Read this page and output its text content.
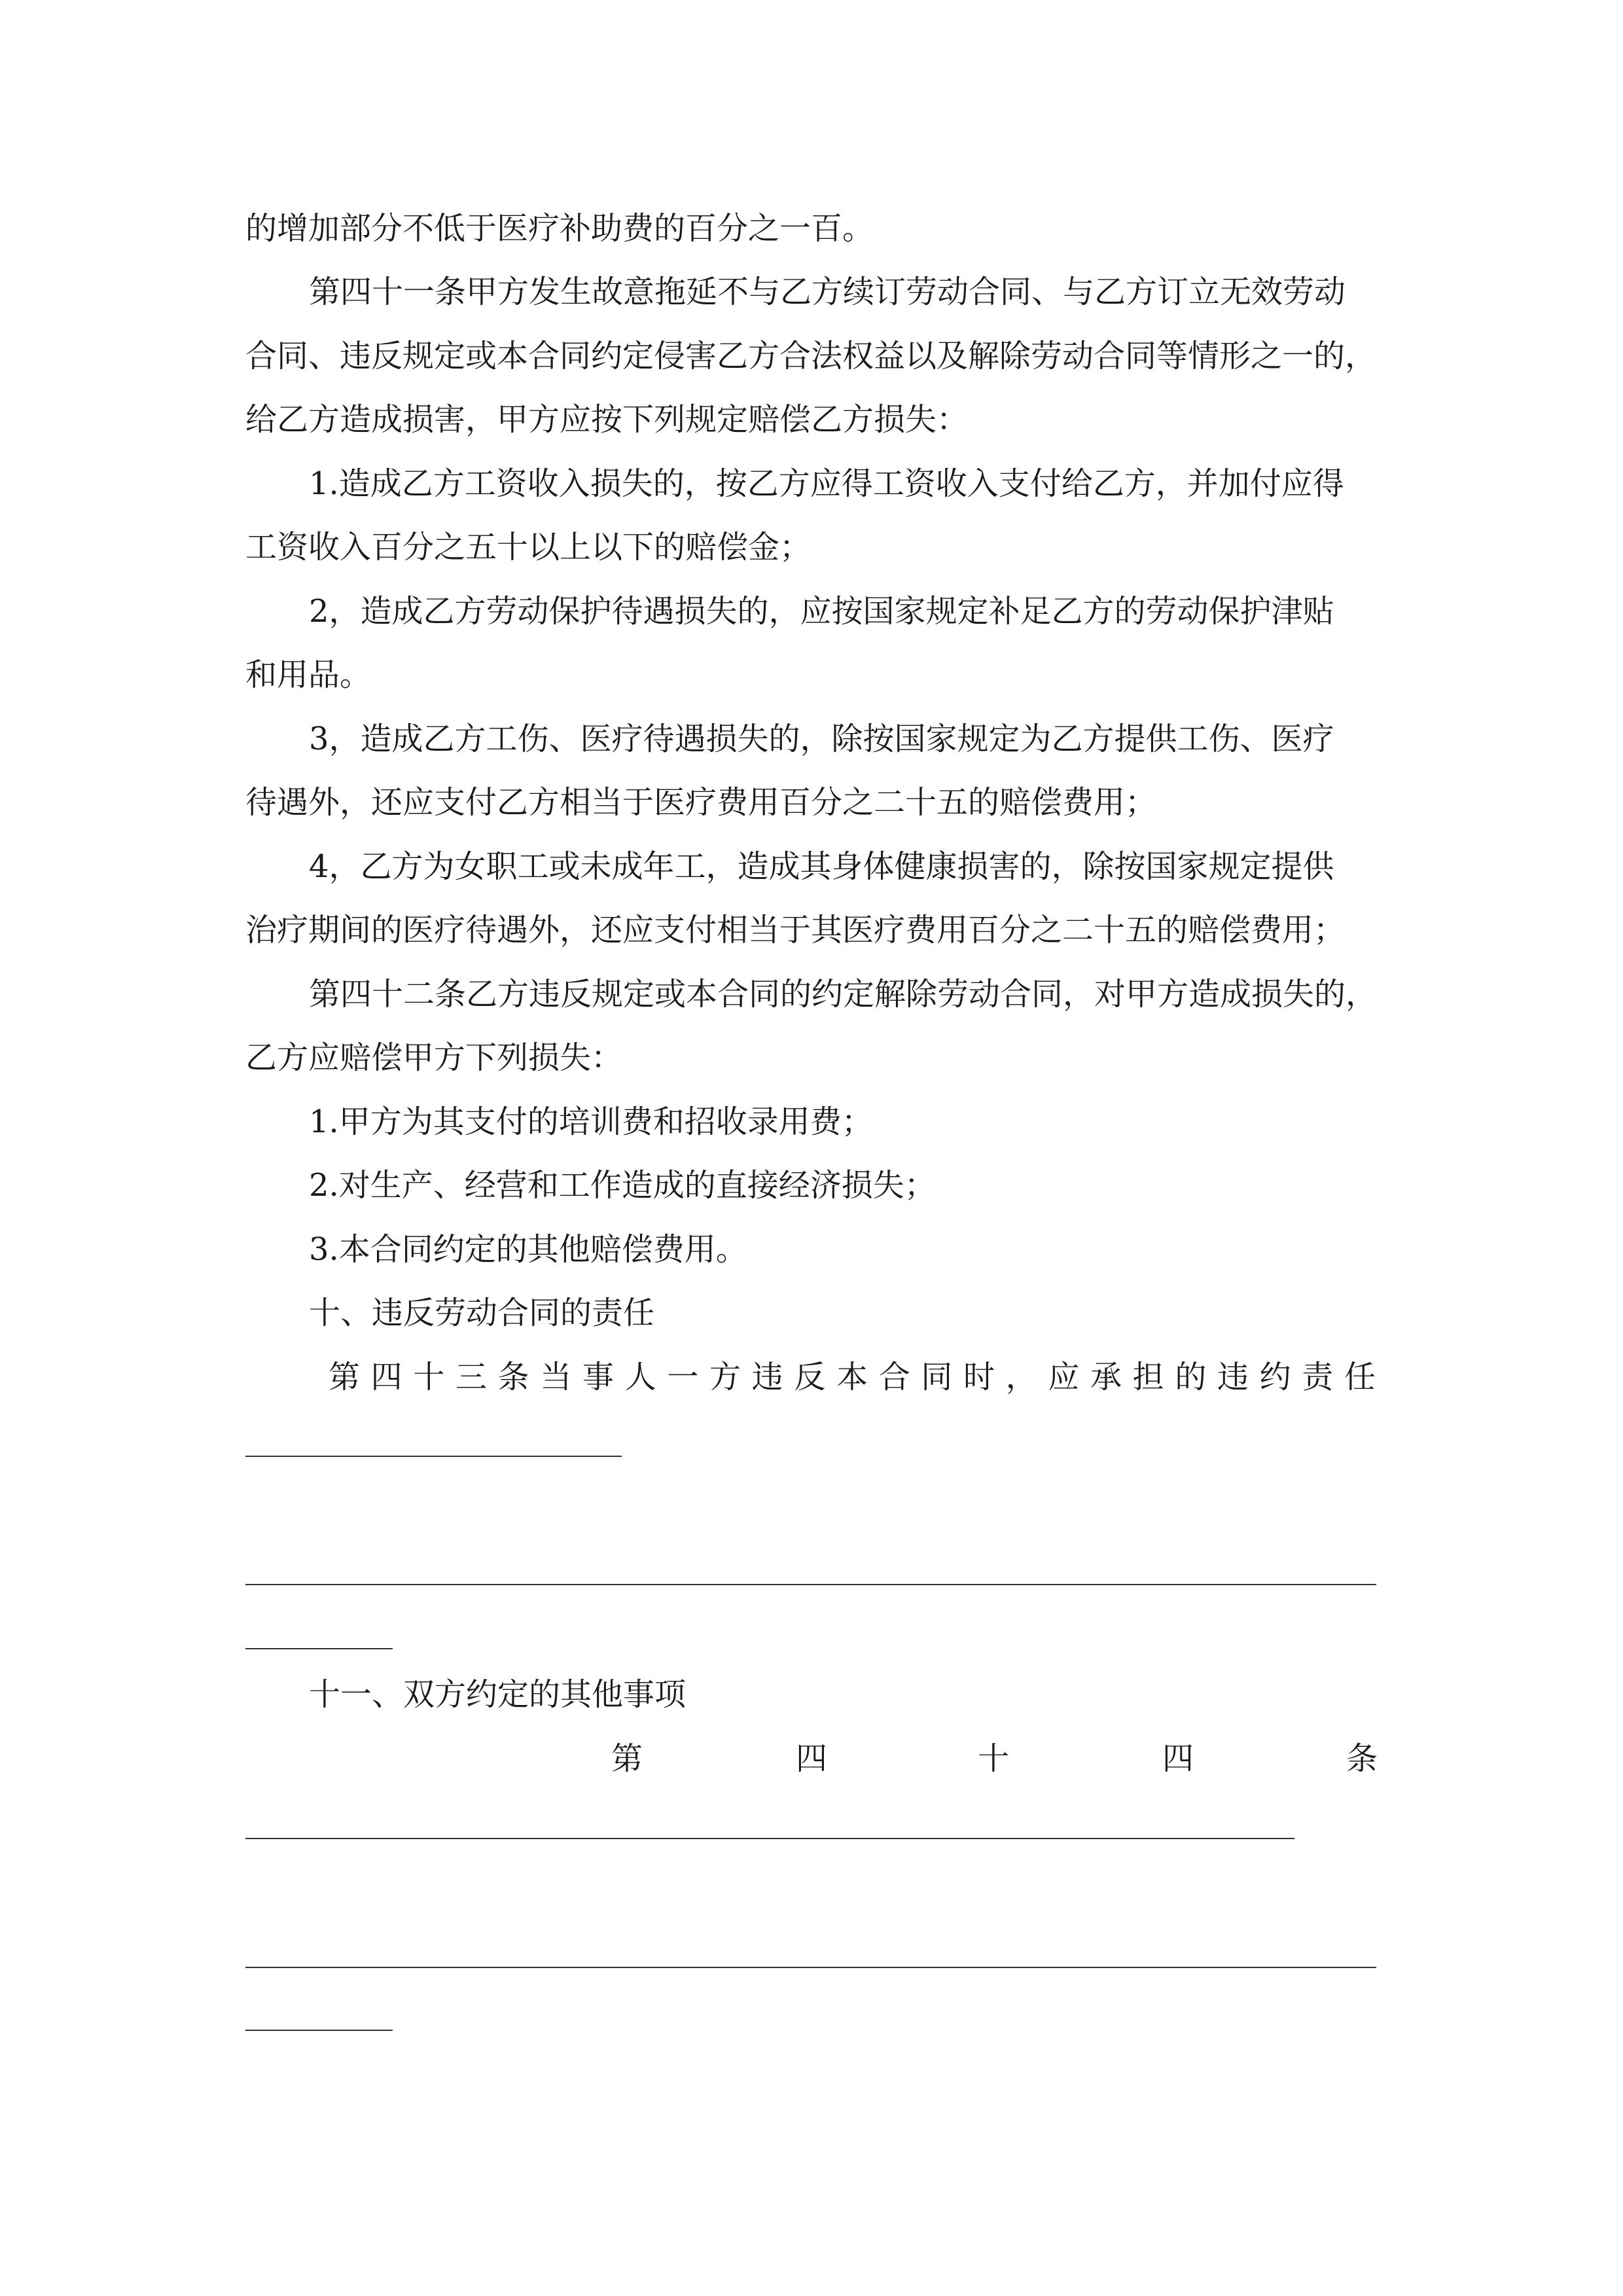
的增加部分不低于医疗补助费的百分之一百。
第四十一条甲方发生故意拖延不与乙方续订劳动合同、与乙方订立无效劳动
合同、违反规定或本合同约定侵害乙方合法权益以及解除劳动合同等情形之一的，
给乙方造成损害，甲方应按下列规定赔偿乙方损失：
1.造成乙方工资收入损失的，按乙方应得工资收入支付给乙方，并加付应得
工资收入百分之五十以上以下的赔偿金；
2，造成乙方劳动保护待遇损失的，应按国家规定补足乙方的劳动保护津贴
和用品。
3，造成乙方工伤、医疗待遇损失的，除按国家规定为乙方提供工伤、医疗
待遇外，还应支付乙方相当于医疗费用百分之二十五的赔偿费用；
4，乙方为女职工或未成年工，造成其身体健康损害的，除按国家规定提供
治疗期间的医疗待遇外，还应支付相当于其医疗费用百分之二十五的赔偿费用；
第四十二条乙方违反规定或本合同的约定解除劳动合同，对甲方造成损失的，
乙方应赔偿甲方下列损失：
1.甲方为其支付的培训费和招收录用费；
2.对生产、经营和工作造成的直接经济损失；
3.本合同约定的其他赔偿费用。
十、违反劳动合同的责任
第四十三条当事人一方违反本合同时，应承担的违约责任
十一、双方约定的其他事项
第	四	十	四	条
